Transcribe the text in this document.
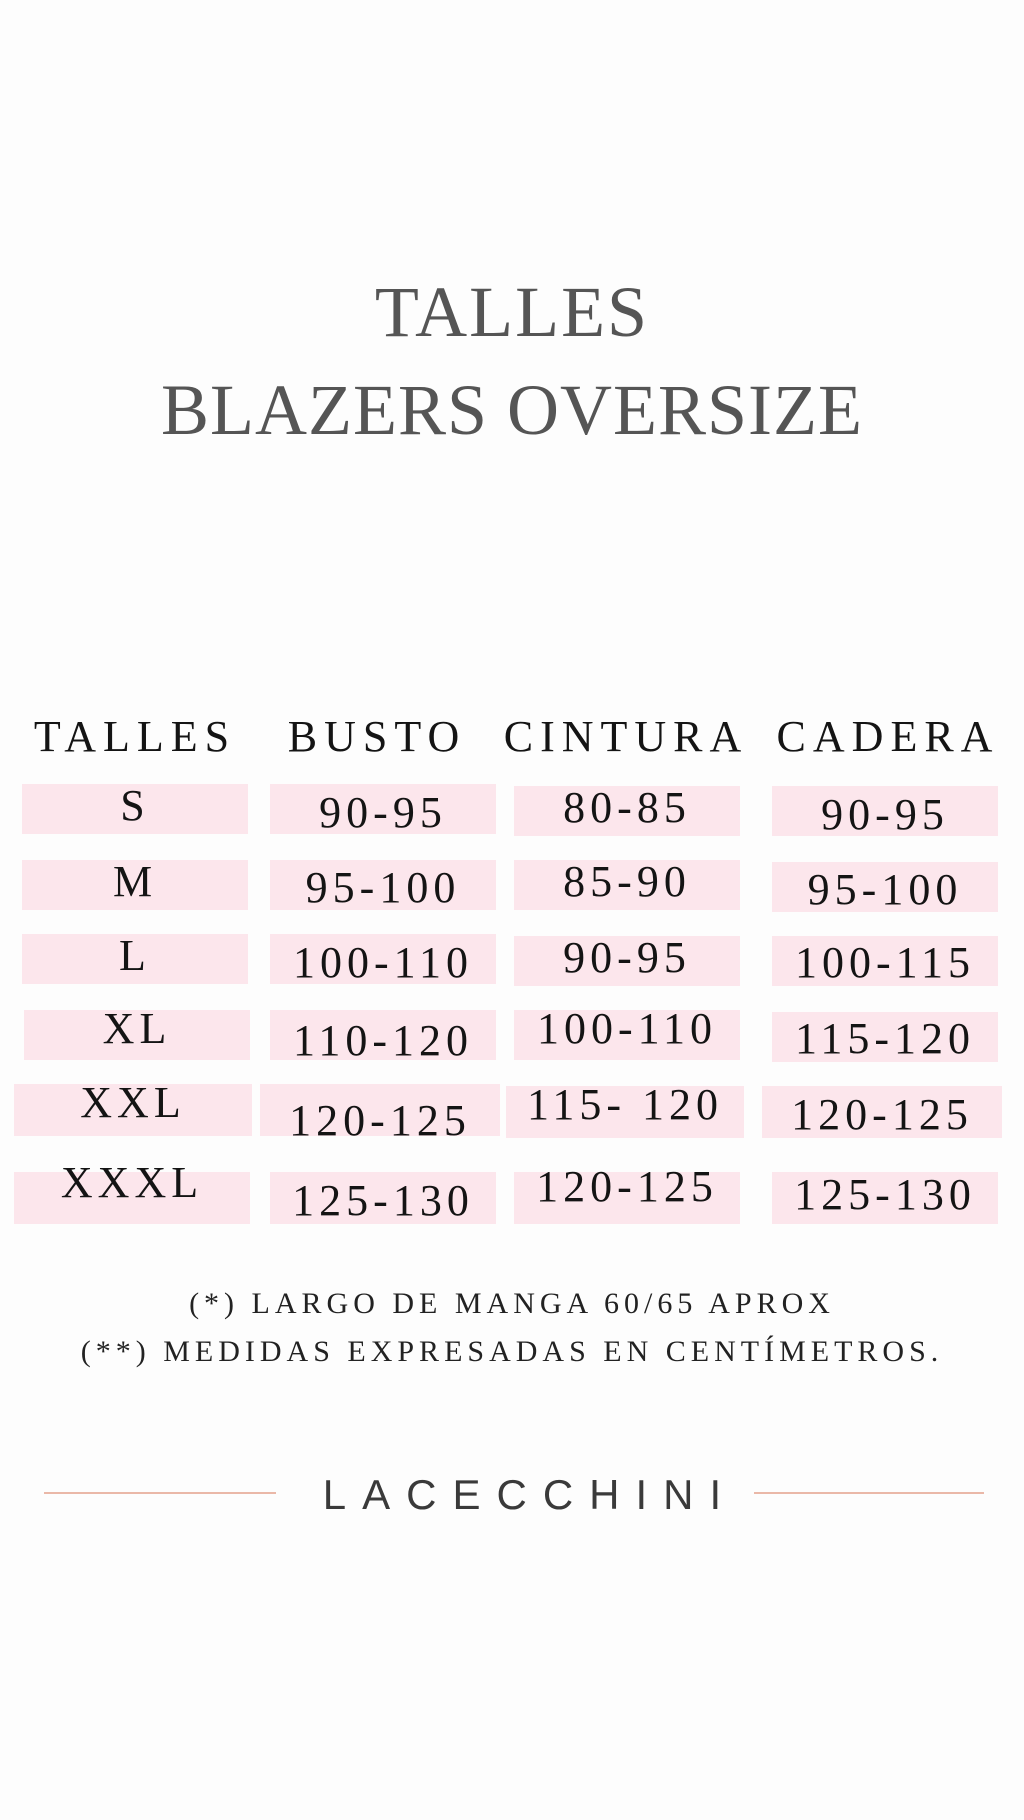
TALLES
BLAZERS OVERSIZE
TALLES	BUSTO CINTURA CADERA
S	90-95	80-85	90-95
M	95-100	85-90	95-100
L	100-110	90-95	100-115
XL	110-120	100-110	115-120
XXL	120-125	115- 120	120-125
XXXL	125-130	120-125	125-130
(*) LARGO DE MANGA 60/65 APROX
(**) MEDIDAS EXPRESADAS EN CENTÍMETROS.
LACECCHINI
